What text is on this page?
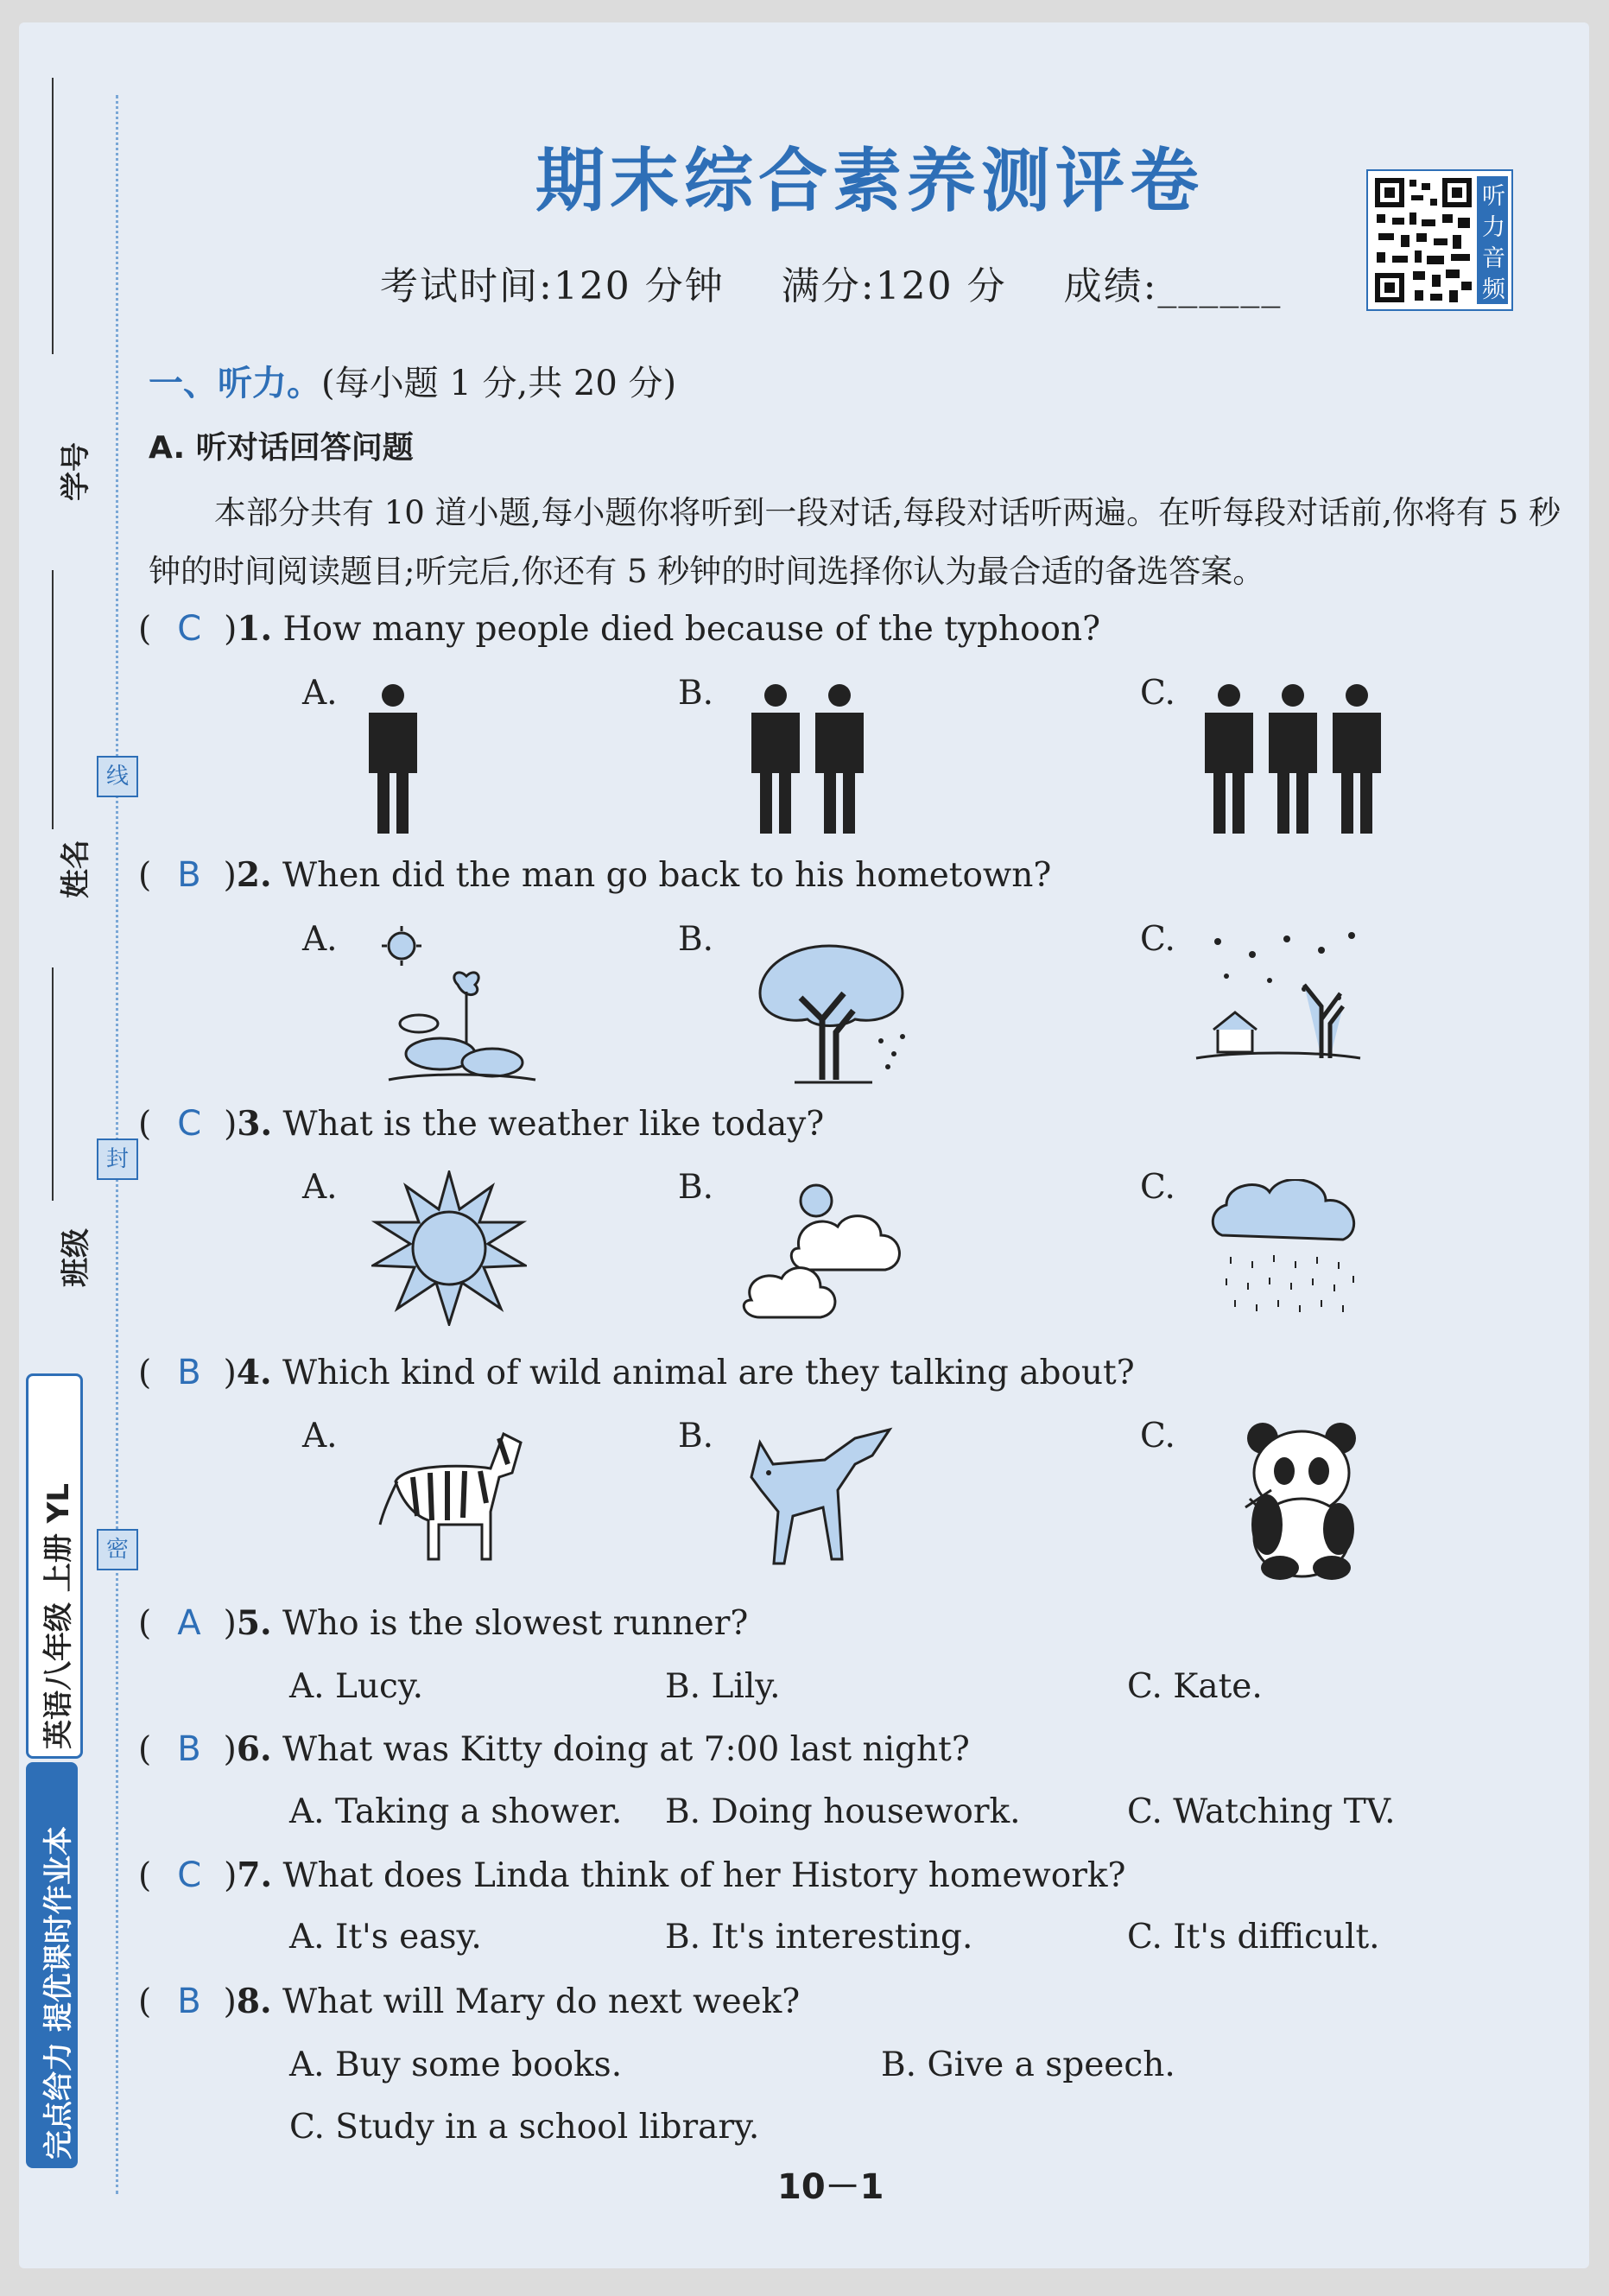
学号
姓名
班级
线
封
密
英语八年级 上册 YL
完点给力 提优课时作业本
期末综合素养测评卷
考试时间:120 分钟 满分:120 分 成绩:______
听力音频
一、听力。(每小题 1 分,共 20 分)
A. 听对话回答问题
本部分共有 10 道小题,每小题你将听到一段对话,每段对话听两遍。在听每段对话前,你将有 5 秒钟的时间阅读题目;听完后,你还有 5 秒钟的时间选择你认为最合适的备选答案。
( C )1. How many people died because of the typhoon?
A.	B.	C.
( B )2. When did the man go back to his hometown?
A.	B.	C.
( C )3. What is the weather like today?
A.	B.	C.
( B )4. Which kind of wild animal are they talking about?
A.	B.	C.
( A )5. Who is the slowest runner?
A. Lucy.	B. Lily.	C. Kate.
( B )6. What was Kitty doing at 7:00 last night?
A. Taking a shower. B. Doing housework.	C. Watching TV.
( C )7. What does Linda think of her History homework?
A. It's easy.	B. It's interesting.	C. It's difficult.
( B )8. What will Mary do next week?
A. Buy some books.	B. Give a speech.
C. Study in a school library.
10－1
